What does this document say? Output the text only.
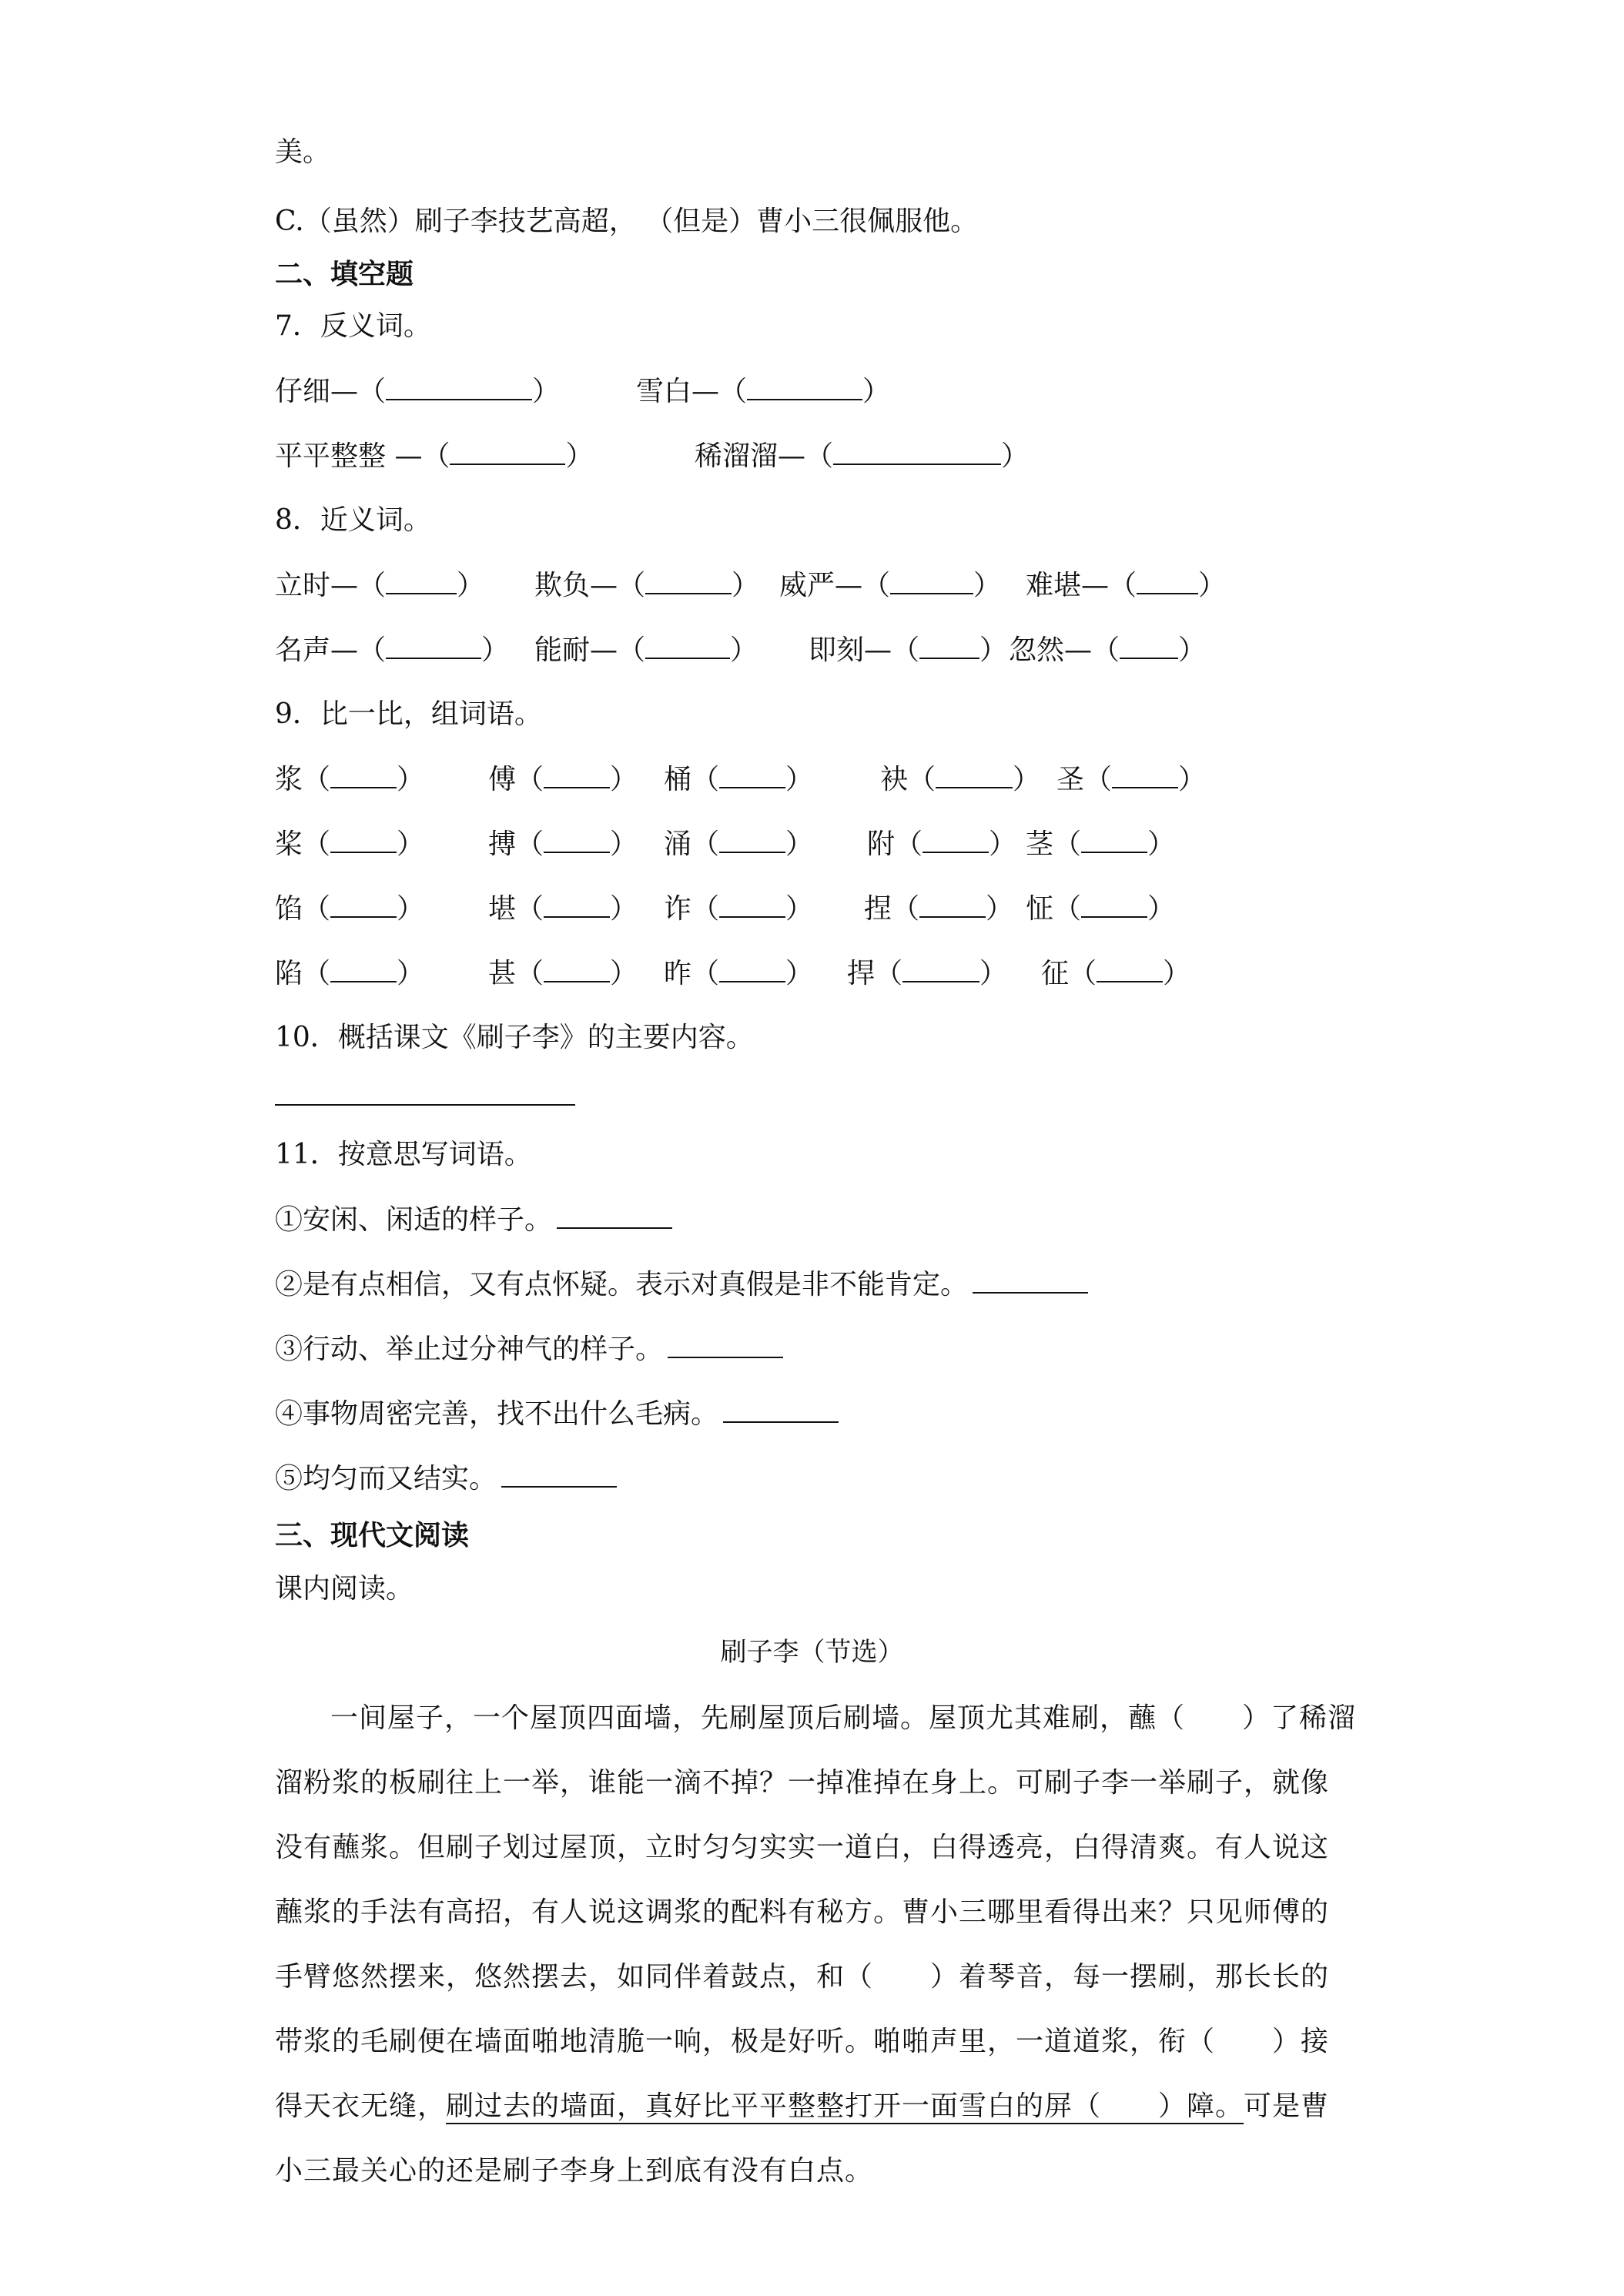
美。
C.（虽然）刷子李技艺高超， （但是）曹小三很佩服他。
二、填空题
7．反义词。
仔细—（	）	雪白—（	）
平平整整 —（	）	稀溜溜—（	）
8．近义词。
立时—（	） 欺负—（	） 威严—（	） 难堪—（ ）
名声—（	） 能耐—（	） 即刻—（ ） 忽然—（ ）
9．比一比，组词语。
浆（ ） 傅（ ） 桶（ ） 袂（	） 圣（ ）
桨（ ） 搏（ ） 涌（ ） 附（ ） 茎（ ）
馅（ ） 堪（ ） 诈（ ） 捏（ ） 怔（ ）
陷（ ） 甚（ ） 昨（ ） 捍（	） 征（ ）
10．概括课文《刷子李》的主要内容。
11．按意思写词语。
①安闲、闲适的样子。
②是有点相信，又有点怀疑。表示对真假是非不能肯定。
③行动、举止过分神气的样子。
④事物周密完善，找不出什么毛病。
⑤均匀而又结实。
三、现代文阅读
课内阅读。
刷子李（节选）

一间屋子，一个屋顶四面墙，先刷屋顶后刷墙。屋顶尤其难刷，蘸（　　）了稀溜溜粉浆的板刷往上一举，谁能一滴不掉？一掉准掉在身上。可刷子李一举刷子，就像没有蘸浆。但刷子划过屋顶，立时匀匀实实一道白，白得透亮，白得清爽。有人说这蘸浆的手法有高招，有人说这调浆的配料有秘方。曹小三哪里看得出来？只见师傅的手臂悠然摆来，悠然摆去，如同伴着鼓点，和（　　）着琴音，每一摆刷，那长长的带浆的毛刷便在墙面啪地清脆一响，极是好听。啪啪声里，一道道浆，衔（　　）接得天衣无缝，刷过去的墙面，真好比平平整整打开一面雪白的屏（　　）障。可是曹小三最关心的还是刷子李身上到底有没有白点。
